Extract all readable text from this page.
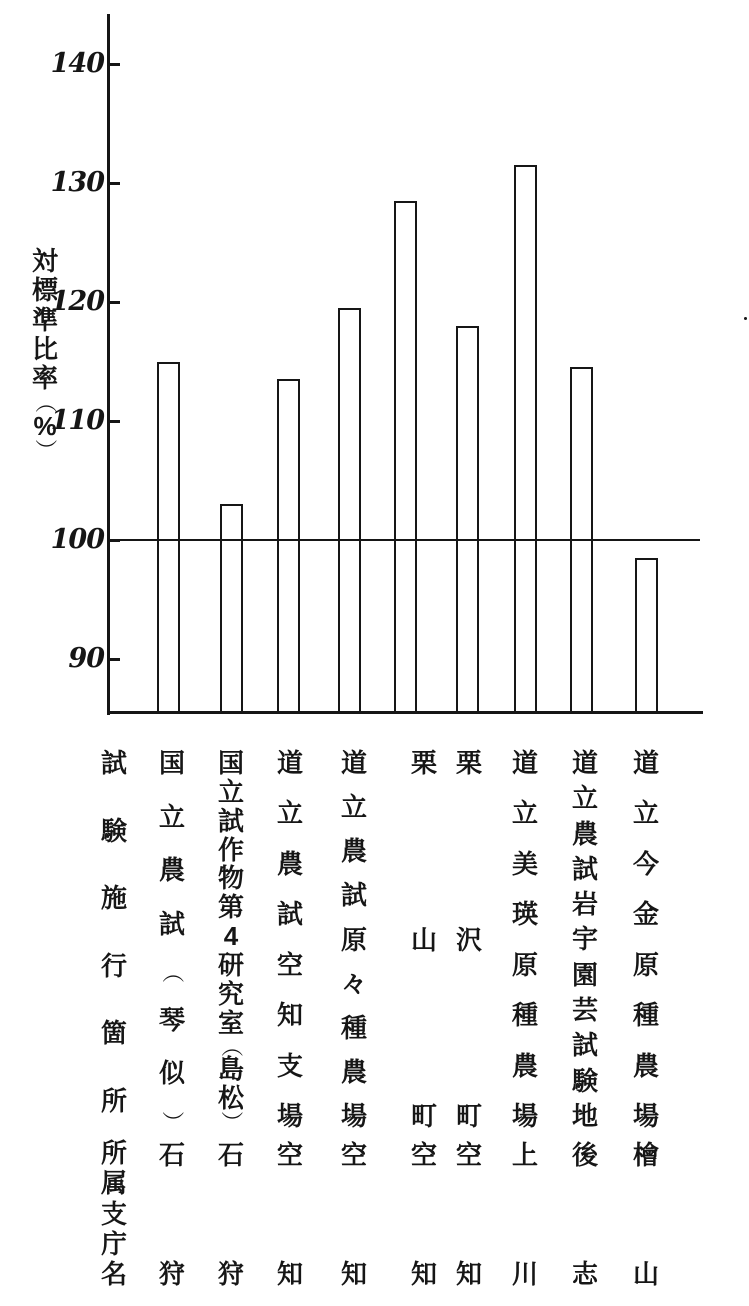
140
130
120
110
100
90
対
標
準
比
率
（
%
）
試
験
施
行
箇
所
所
属
支
庁
名
国
立
農
試
（
琴
似
）
石
狩
国
立
試
作
物
第
4
研
究
室
（
島
松
）
石
狩
道
立
農
試
空
知
支
場
空
知
道
立
農
試
原
々
種
農
場
空
知
栗
山
町
空
知
栗
沢
町
空
知
道
立
美
瑛
原
種
農
場
上
川
道
立
農
試
岩
宇
園
芸
試
験
地
後
志
道
立
今
金
原
種
農
場
檜
山
